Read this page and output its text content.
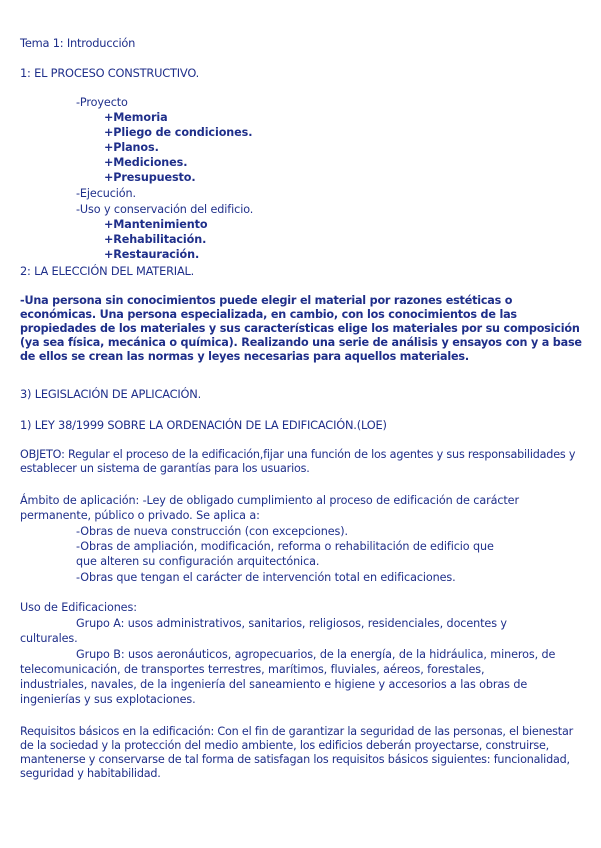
Tema 1: Introducción
1: EL PROCESO CONSTRUCTIVO.
-Proyecto
+Memoria
+Pliego de condiciones.
+Planos.
+Mediciones.
+Presupuesto.
-Ejecución.
-Uso y conservación del edificio.
+Mantenimiento
+Rehabilitación.
+Restauración.
2: LA ELECCIÓN DEL MATERIAL.
-Una persona sin conocimientos puede elegir el material por razones estéticas o económicas. Una persona especializada, en cambio, con los conocimientos de las propiedades de los materiales y sus características elige los materiales por su composición (ya sea física, mecánica o química). Realizando una serie de análisis y ensayos con y a base de ellos se crean las normas y leyes necesarias para aquellos materiales.
3) LEGISLACIÓN DE APLICACIÓN.
1) LEY 38/1999 SOBRE LA ORDENACIÓN DE LA EDIFICACIÓN.(LOE)
OBJETO: Regular el proceso de la edificación,fijar una función de los agentes y sus responsabilidades y establecer un sistema de garantías para los usuarios.
Ámbito de aplicación: -Ley de obligado cumplimiento al proceso de edificación de carácter
permanente, público o privado. Se aplica a:
-Obras de nueva construcción (con excepciones).
-Obras de ampliación, modificación, reforma o rehabilitación de edificio que
que alteren su configuración arquitectónica.
-Obras que tengan el carácter de intervención total en edificaciones.
Uso de Edificaciones:
Grupo A: usos administrativos, sanitarios, religiosos, residenciales, docentes y
culturales.
Grupo B: usos aeronáuticos, agropecuarios, de la energía, de la hidráulica, mineros, de
telecomunicación, de transportes terrestres, marítimos, fluviales, aéreos, forestales,
industriales, navales, de la ingeniería del saneamiento e higiene y accesorios a las obras de
ingenierías y sus explotaciones.
Requisitos básicos en la edificación: Con el fin de garantizar la seguridad de las personas, el bienestar de la sociedad y la protección del medio ambiente, los edificios deberán proyectarse, construirse, mantenerse y conservarse de tal forma de satisfagan los requisitos básicos siguientes: funcionalidad, seguridad y habitabilidad.
